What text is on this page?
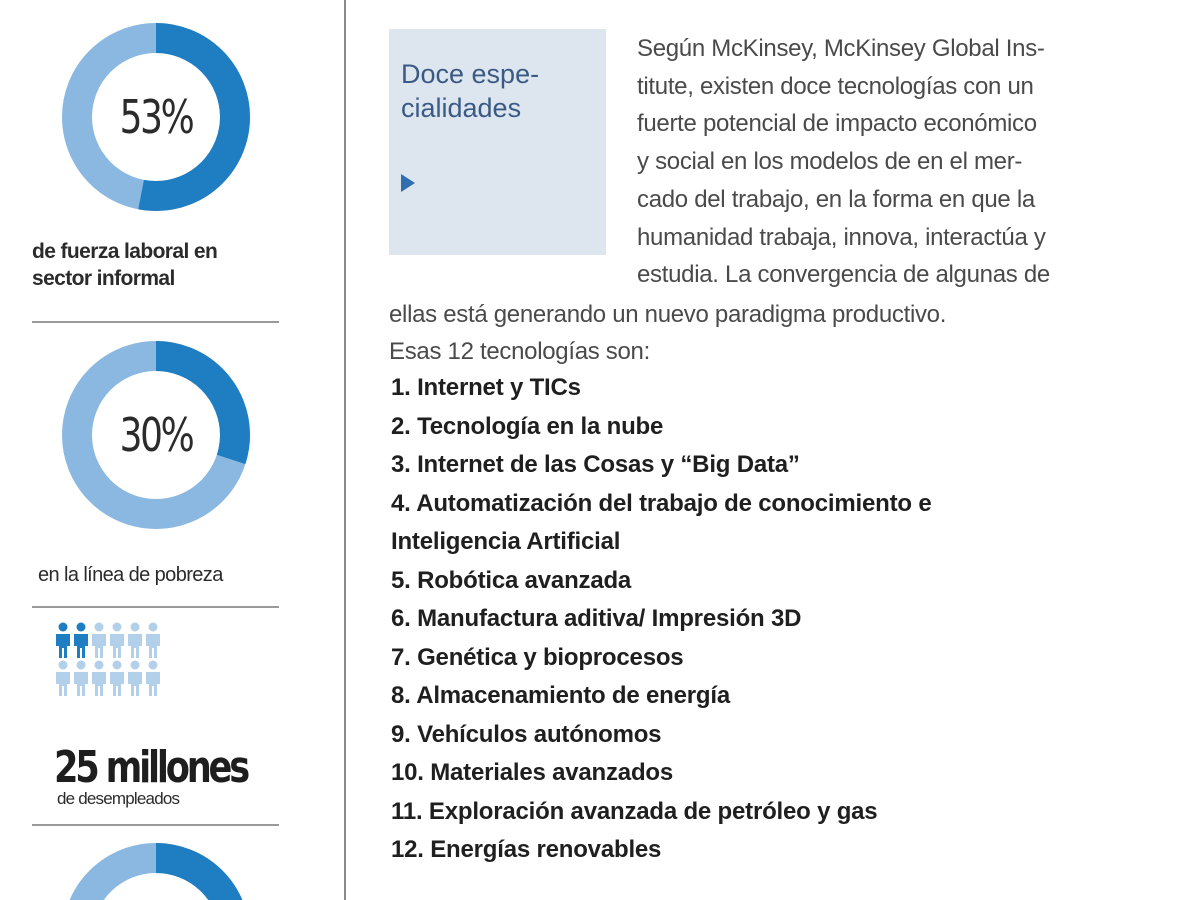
53%
de fuerza laboral en
sector informal
30%
en la línea de pobreza
25 millones
de desempleados
Doce espe-
cialidades
Según McKinsey, McKinsey Global Ins-
titute, existen doce tecnologías con un
fuerte potencial de impacto económico
y social en los modelos de en el mer-
cado del trabajo, en la forma en que la
humanidad trabaja, innova, interactúa y
estudia. La convergencia de algunas de
ellas está generando un nuevo paradigma productivo.
Esas 12 tecnologías son:
1. Internet y TICs
2. Tecnología en la nube
3. Internet de las Cosas y “Big Data”
4. Automatización del trabajo de conocimiento e
Inteligencia Artificial
5. Robótica avanzada
6. Manufactura aditiva/ Impresión 3D
7. Genética y bioprocesos
8. Almacenamiento de energía
9. Vehículos autónomos
10. Materiales avanzados
11. Exploración avanzada de petróleo y gas
12. Energías renovables
